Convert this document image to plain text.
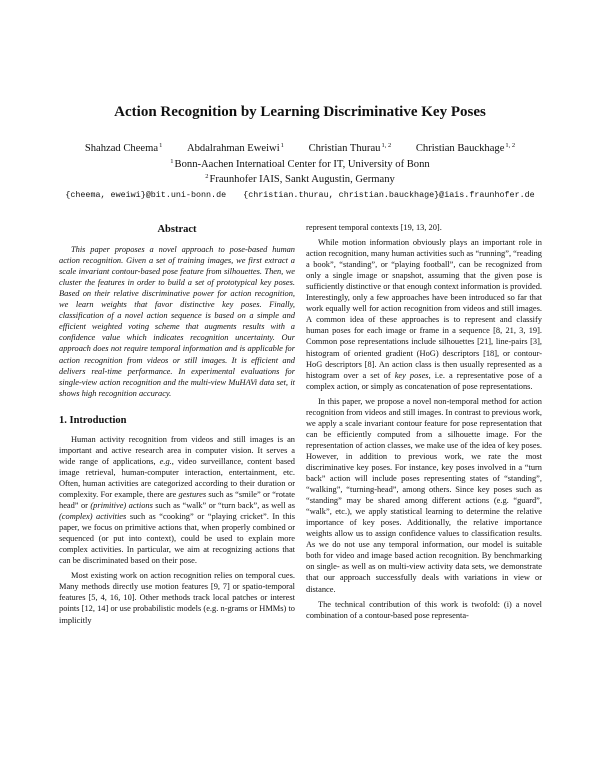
Action Recognition by Learning Discriminative Key Poses
Shahzad Cheema$^1$ Abdalrahman Eweiwi$^1$ Christian Thurau$^{1, 2}$ Christian Bauckhage$^{1, 2}$
$^1$Bonn-Aachen Internatioal Center for IT, University of Bonn
$^2$Fraunhofer IAIS, Sankt Augustin, Germany
{cheema, eweiwi}@bit.uni-bonn.de {christian.thurau, christian.bauckhage}@iais.fraunhofer.de
Abstract

This paper proposes a novel approach to pose-based human action recognition. Given a set of training images, we first extract a scale invariant contour-based pose feature from silhouettes. Then, we cluster the features in order to build a set of prototypical key poses. Based on their relative discriminative power for action recognition, we learn weights that favor distinctive key poses. Finally, classification of a novel action sequence is based on a simple and efficient weighted voting scheme that augments results with a confidence value which indicates recognition uncertainty. Our approach does not require temporal information and is applicable for action recognition from videos or still images. It is efficient and delivers real-time performance. In experimental evaluations for single-view action recognition and the multi-view MuHAVi data set, it shows high recognition accuracy.

1. Introduction

Human activity recognition from videos and still images is an important and active research area in computer vision. It serves a wide range of applications, e.g., video surveillance, content based image retrieval, human-computer interaction, entertainment, etc. Often, human activities are categorized according to their duration or complexity. For example, there are gestures such as “smile” or “rotate head” or (primitive) actions such as “walk” or “turn back”, as well as (complex) activities such as “cooking” or “playing cricket”. In this paper, we focus on primitive actions that, when properly combined or sequenced (or put into context), could be used to explain more complex activities. In particular, we aim at recognizing actions that can be discriminated based on their pose.

Most existing work on action recognition relies on temporal cues. Many methods directly use motion features [9, 7] or spatio-temporal features [5, 4, 16, 10]. Other methods track local patches or interest points [12, 14] or use probabilistic models (e.g. n-grams or HMMs) to implicitly

represent temporal contexts [19, 13, 20].

While motion information obviously plays an important role in action recognition, many human activities such as “running”, “reading a book”, “standing”, or “playing football”, can be recognized from only a single image or snapshot, assuming that the given pose is sufficiently distinctive or that enough context information is provided. Interestingly, only a few approaches have been introduced so far that work equally well for action recognition from videos and still images. A common idea of these approaches is to represent and classify human poses for each image or frame in a sequence [8, 21, 3, 19]. Common pose representations include silhouettes [21], line-pairs [3], histogram of oriented gradient (HoG) descriptors [18], or contour-HoG descriptors [8]. An action class is then usually represented as a histogram over a set of key poses, i.e. a representative pose of a complex action, or simply as concatenation of pose representations.

In this paper, we propose a novel non-temporal method for action recognition from videos and still images. In contrast to previous work, we apply a scale invariant contour feature for pose representation that can be efficiently computed from a silhouette image. For the representation of action classes, we make use of the idea of key poses. However, in addition to previous work, we rate the most discriminative key poses. For instance, key poses involved in a “turn back” action will include poses representing states of “standing”, “walking”, “turning-head”, among others. Since key poses such as “standing” may be shared among different actions (e.g. “guard”, “walk”, etc.), we apply statistical learning to determine the relative importance of key poses. Additionally, the relative importance weights allow us to assign confidence values to classification results. As we do not use any temporal information, our model is suitable both for video and image based action recognition. By benchmarking on single- as well as on multi-view activity data sets, we demonstrate that our approach successfully deals with variations in view or distance.

The technical contribution of this work is twofold: (i) a novel combination of a contour-based pose representa-
